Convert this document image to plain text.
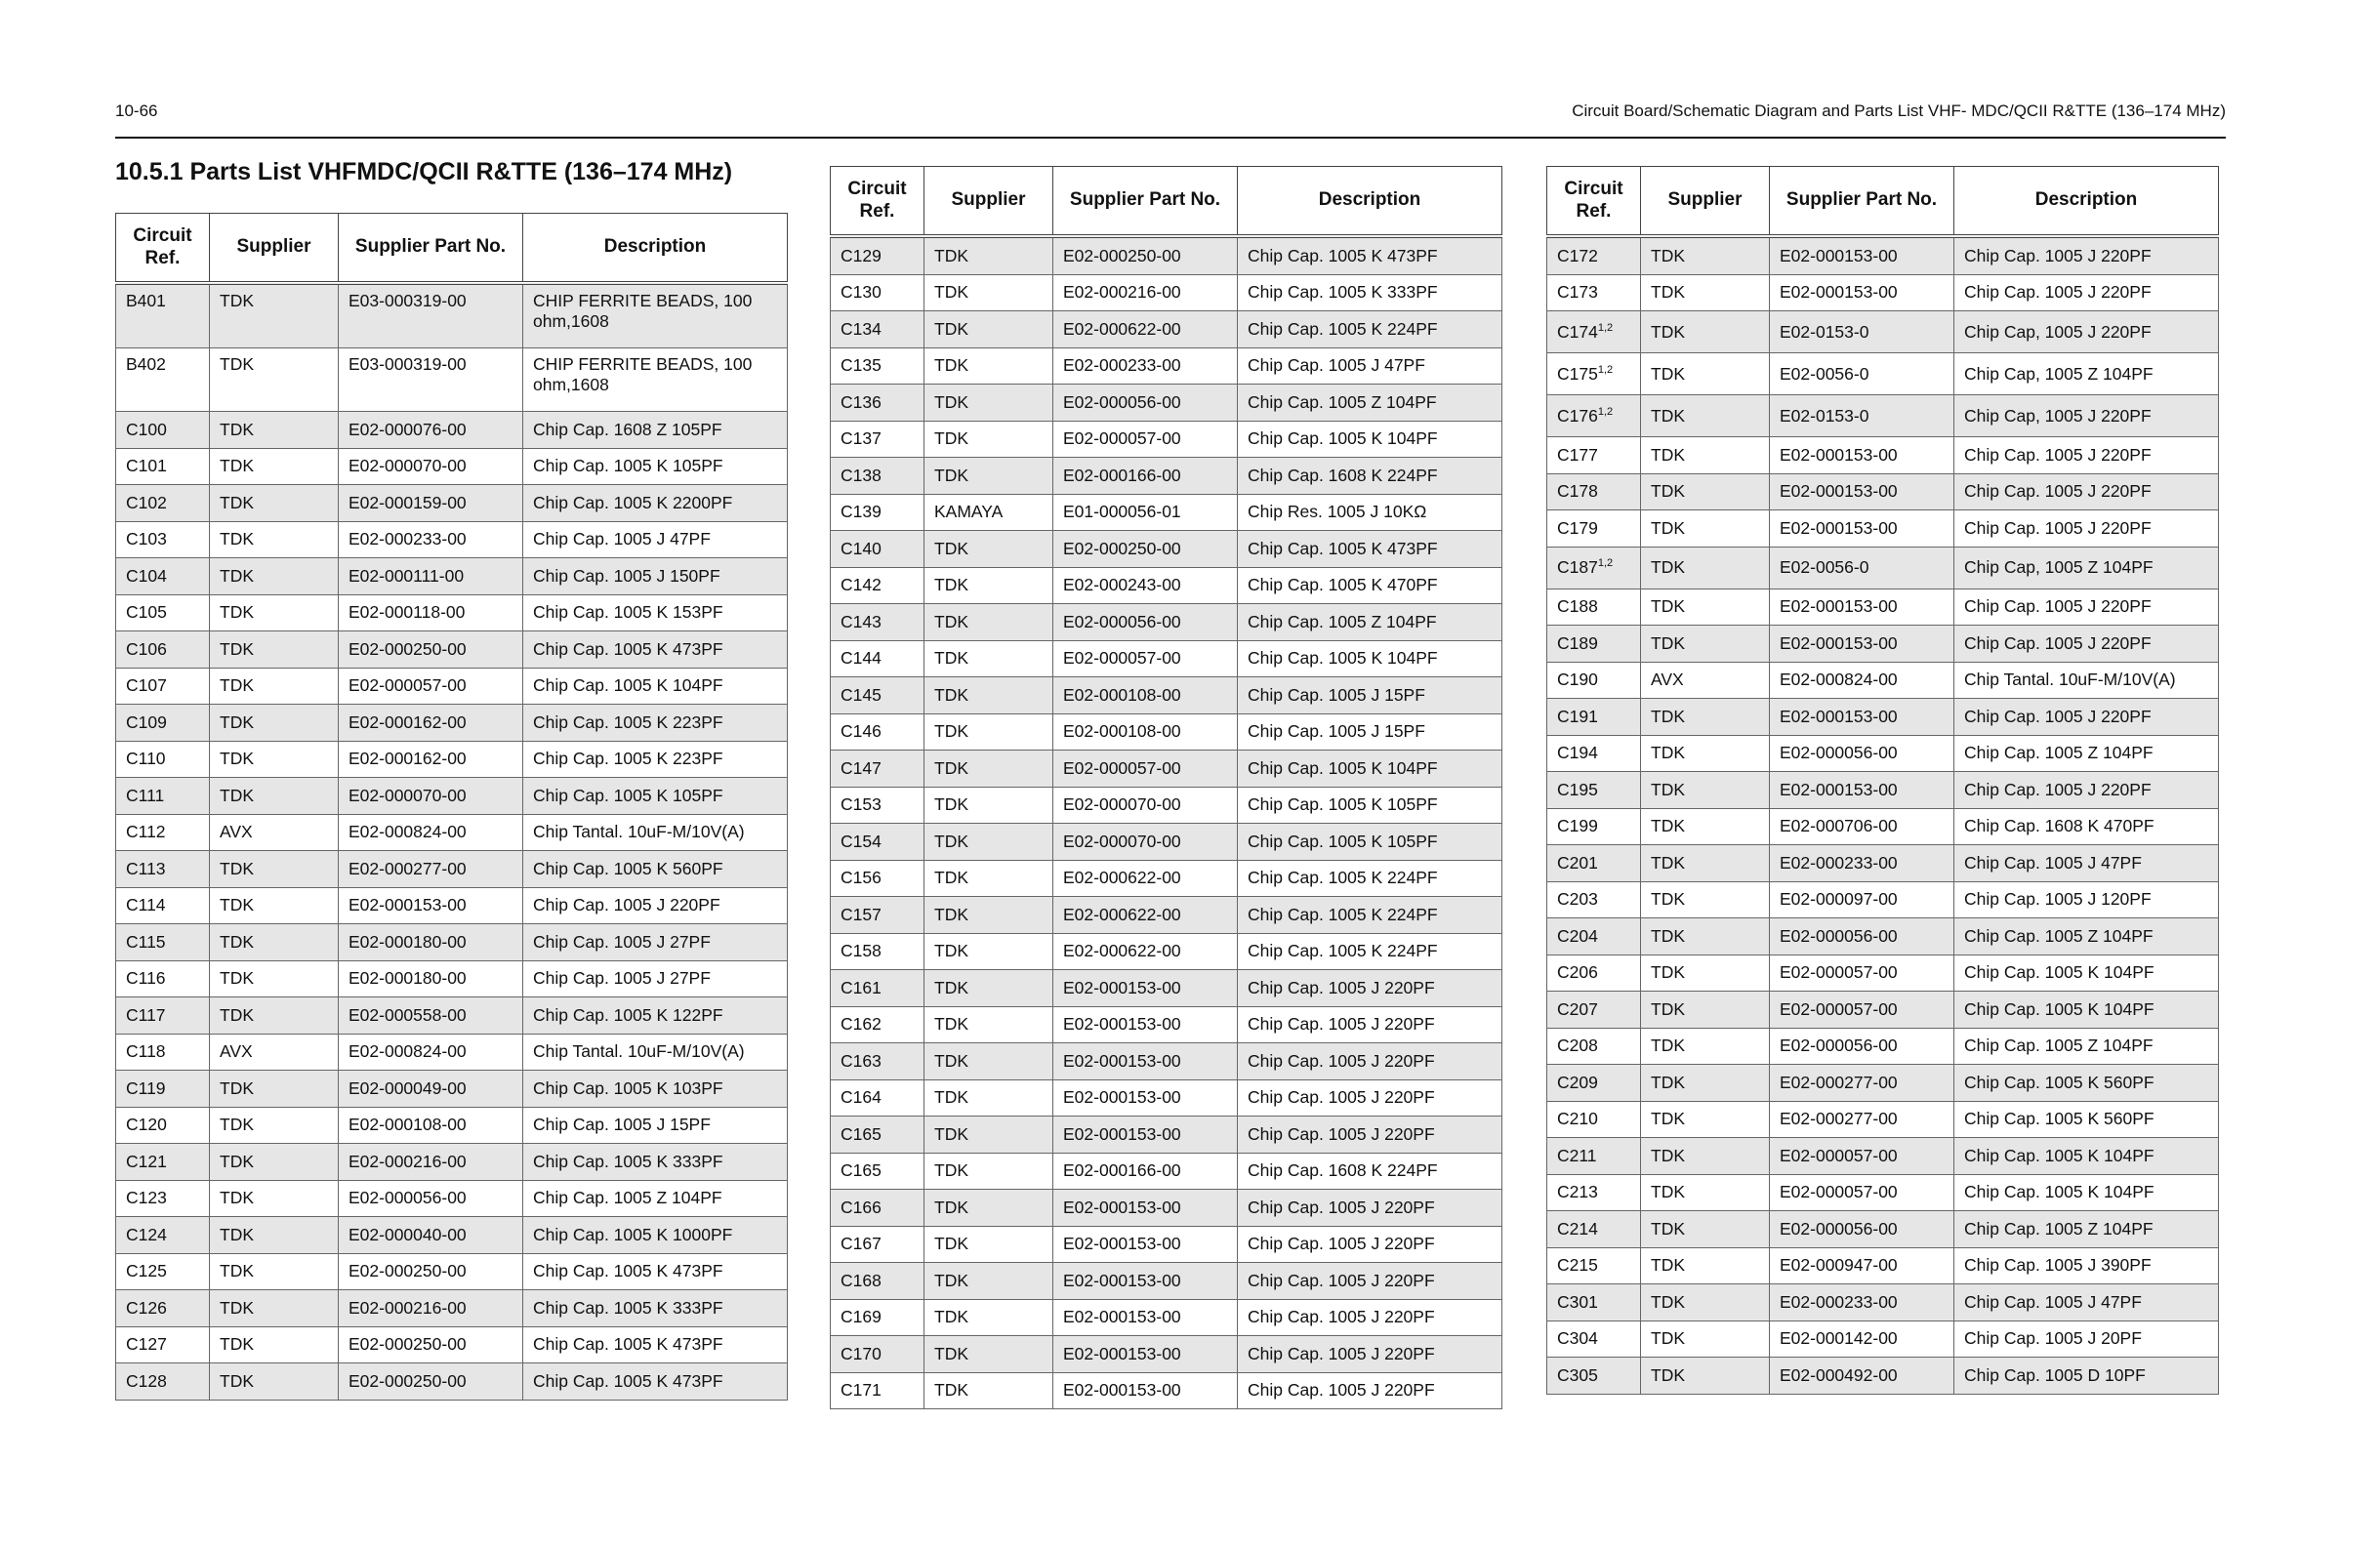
10-66	Circuit Board/Schematic Diagram and Parts List VHF- MDC/QCII R&TTE (136–174 MHz)
10.5.1 Parts List VHFMDC/QCII R&TTE (136–174 MHz)
Circuit Ref.	Supplier	Supplier Part No.	Description
B401	TDK	E03-000319-00	CHIP FERRITE BEADS, 100 ohm,1608
B402	TDK	E03-000319-00	CHIP FERRITE BEADS, 100 ohm,1608
C100	TDK	E02-000076-00	Chip Cap. 1608 Z 105PF
C101	TDK	E02-000070-00	Chip Cap. 1005 K 105PF
C102	TDK	E02-000159-00	Chip Cap. 1005 K 2200PF
C103	TDK	E02-000233-00	Chip Cap. 1005 J 47PF
C104	TDK	E02-000111-00	Chip Cap. 1005 J 150PF
C105	TDK	E02-000118-00	Chip Cap. 1005 K 153PF
C106	TDK	E02-000250-00	Chip Cap. 1005 K 473PF
C107	TDK	E02-000057-00	Chip Cap. 1005 K 104PF
C109	TDK	E02-000162-00	Chip Cap. 1005 K 223PF
C110	TDK	E02-000162-00	Chip Cap. 1005 K 223PF
C111	TDK	E02-000070-00	Chip Cap. 1005 K 105PF
C112	AVX	E02-000824-00	Chip Tantal. 10uF-M/10V(A)
C113	TDK	E02-000277-00	Chip Cap. 1005 K 560PF
C114	TDK	E02-000153-00	Chip Cap. 1005 J 220PF
C115	TDK	E02-000180-00	Chip Cap. 1005 J 27PF
C116	TDK	E02-000180-00	Chip Cap. 1005 J 27PF
C117	TDK	E02-000558-00	Chip Cap. 1005 K 122PF
C118	AVX	E02-000824-00	Chip Tantal. 10uF-M/10V(A)
C119	TDK	E02-000049-00	Chip Cap. 1005 K 103PF
C120	TDK	E02-000108-00	Chip Cap. 1005 J 15PF
C121	TDK	E02-000216-00	Chip Cap. 1005 K 333PF
C123	TDK	E02-000056-00	Chip Cap. 1005 Z 104PF
C124	TDK	E02-000040-00	Chip Cap. 1005 K 1000PF
C125	TDK	E02-000250-00	Chip Cap. 1005 K 473PF
C126	TDK	E02-000216-00	Chip Cap. 1005 K 333PF
C127	TDK	E02-000250-00	Chip Cap. 1005 K 473PF
C128	TDK	E02-000250-00	Chip Cap. 1005 K 473PF
Circuit Ref.	Supplier	Supplier Part No.	Description
C129	TDK	E02-000250-00	Chip Cap. 1005 K 473PF
C130	TDK	E02-000216-00	Chip Cap. 1005 K 333PF
C134	TDK	E02-000622-00	Chip Cap. 1005 K 224PF
C135	TDK	E02-000233-00	Chip Cap. 1005 J 47PF
C136	TDK	E02-000056-00	Chip Cap. 1005 Z 104PF
C137	TDK	E02-000057-00	Chip Cap. 1005 K 104PF
C138	TDK	E02-000166-00	Chip Cap. 1608 K 224PF
C139	KAMAYA	E01-000056-01	Chip Res. 1005 J 10KΩ
C140	TDK	E02-000250-00	Chip Cap. 1005 K 473PF
C142	TDK	E02-000243-00	Chip Cap. 1005 K 470PF
C143	TDK	E02-000056-00	Chip Cap. 1005 Z 104PF
C144	TDK	E02-000057-00	Chip Cap. 1005 K 104PF
C145	TDK	E02-000108-00	Chip Cap. 1005 J 15PF
C146	TDK	E02-000108-00	Chip Cap. 1005 J 15PF
C147	TDK	E02-000057-00	Chip Cap. 1005 K 104PF
C153	TDK	E02-000070-00	Chip Cap. 1005 K 105PF
C154	TDK	E02-000070-00	Chip Cap. 1005 K 105PF
C156	TDK	E02-000622-00	Chip Cap. 1005 K 224PF
C157	TDK	E02-000622-00	Chip Cap. 1005 K 224PF
C158	TDK	E02-000622-00	Chip Cap. 1005 K 224PF
C161	TDK	E02-000153-00	Chip Cap. 1005 J 220PF
C162	TDK	E02-000153-00	Chip Cap. 1005 J 220PF
C163	TDK	E02-000153-00	Chip Cap. 1005 J 220PF
C164	TDK	E02-000153-00	Chip Cap. 1005 J 220PF
C165	TDK	E02-000153-00	Chip Cap. 1005 J 220PF
C165	TDK	E02-000166-00	Chip Cap. 1608 K 224PF
C166	TDK	E02-000153-00	Chip Cap. 1005 J 220PF
C167	TDK	E02-000153-00	Chip Cap. 1005 J 220PF
C168	TDK	E02-000153-00	Chip Cap. 1005 J 220PF
C169	TDK	E02-000153-00	Chip Cap. 1005 J 220PF
C170	TDK	E02-000153-00	Chip Cap. 1005 J 220PF
C171	TDK	E02-000153-00	Chip Cap. 1005 J 220PF
Circuit Ref.	Supplier	Supplier Part No.	Description
C172	TDK	E02-000153-00	Chip Cap. 1005 J 220PF
C173	TDK	E02-000153-00	Chip Cap. 1005 J 220PF
C174$^{1,2}$	TDK	E02-0153-0	Chip Cap, 1005 J 220PF
C175$^{1,2}$	TDK	E02-0056-0	Chip Cap, 1005 Z 104PF
C176$^{1,2}$	TDK	E02-0153-0	Chip Cap, 1005 J 220PF
C177	TDK	E02-000153-00	Chip Cap. 1005 J 220PF
C178	TDK	E02-000153-00	Chip Cap. 1005 J 220PF
C179	TDK	E02-000153-00	Chip Cap. 1005 J 220PF
C187$^{1,2}$	TDK	E02-0056-0	Chip Cap, 1005 Z 104PF
C188	TDK	E02-000153-00	Chip Cap. 1005 J 220PF
C189	TDK	E02-000153-00	Chip Cap. 1005 J 220PF
C190	AVX	E02-000824-00	Chip Tantal. 10uF-M/10V(A)
C191	TDK	E02-000153-00	Chip Cap. 1005 J 220PF
C194	TDK	E02-000056-00	Chip Cap. 1005 Z 104PF
C195	TDK	E02-000153-00	Chip Cap. 1005 J 220PF
C199	TDK	E02-000706-00	Chip Cap. 1608 K 470PF
C201	TDK	E02-000233-00	Chip Cap. 1005 J 47PF
C203	TDK	E02-000097-00	Chip Cap. 1005 J 120PF
C204	TDK	E02-000056-00	Chip Cap. 1005 Z 104PF
C206	TDK	E02-000057-00	Chip Cap. 1005 K 104PF
C207	TDK	E02-000057-00	Chip Cap. 1005 K 104PF
C208	TDK	E02-000056-00	Chip Cap. 1005 Z 104PF
C209	TDK	E02-000277-00	Chip Cap. 1005 K 560PF
C210	TDK	E02-000277-00	Chip Cap. 1005 K 560PF
C211	TDK	E02-000057-00	Chip Cap. 1005 K 104PF
C213	TDK	E02-000057-00	Chip Cap. 1005 K 104PF
C214	TDK	E02-000056-00	Chip Cap. 1005 Z 104PF
C215	TDK	E02-000947-00	Chip Cap. 1005 J 390PF
C301	TDK	E02-000233-00	Chip Cap. 1005 J 47PF
C304	TDK	E02-000142-00	Chip Cap. 1005 J 20PF
C305	TDK	E02-000492-00	Chip Cap. 1005 D 10PF
